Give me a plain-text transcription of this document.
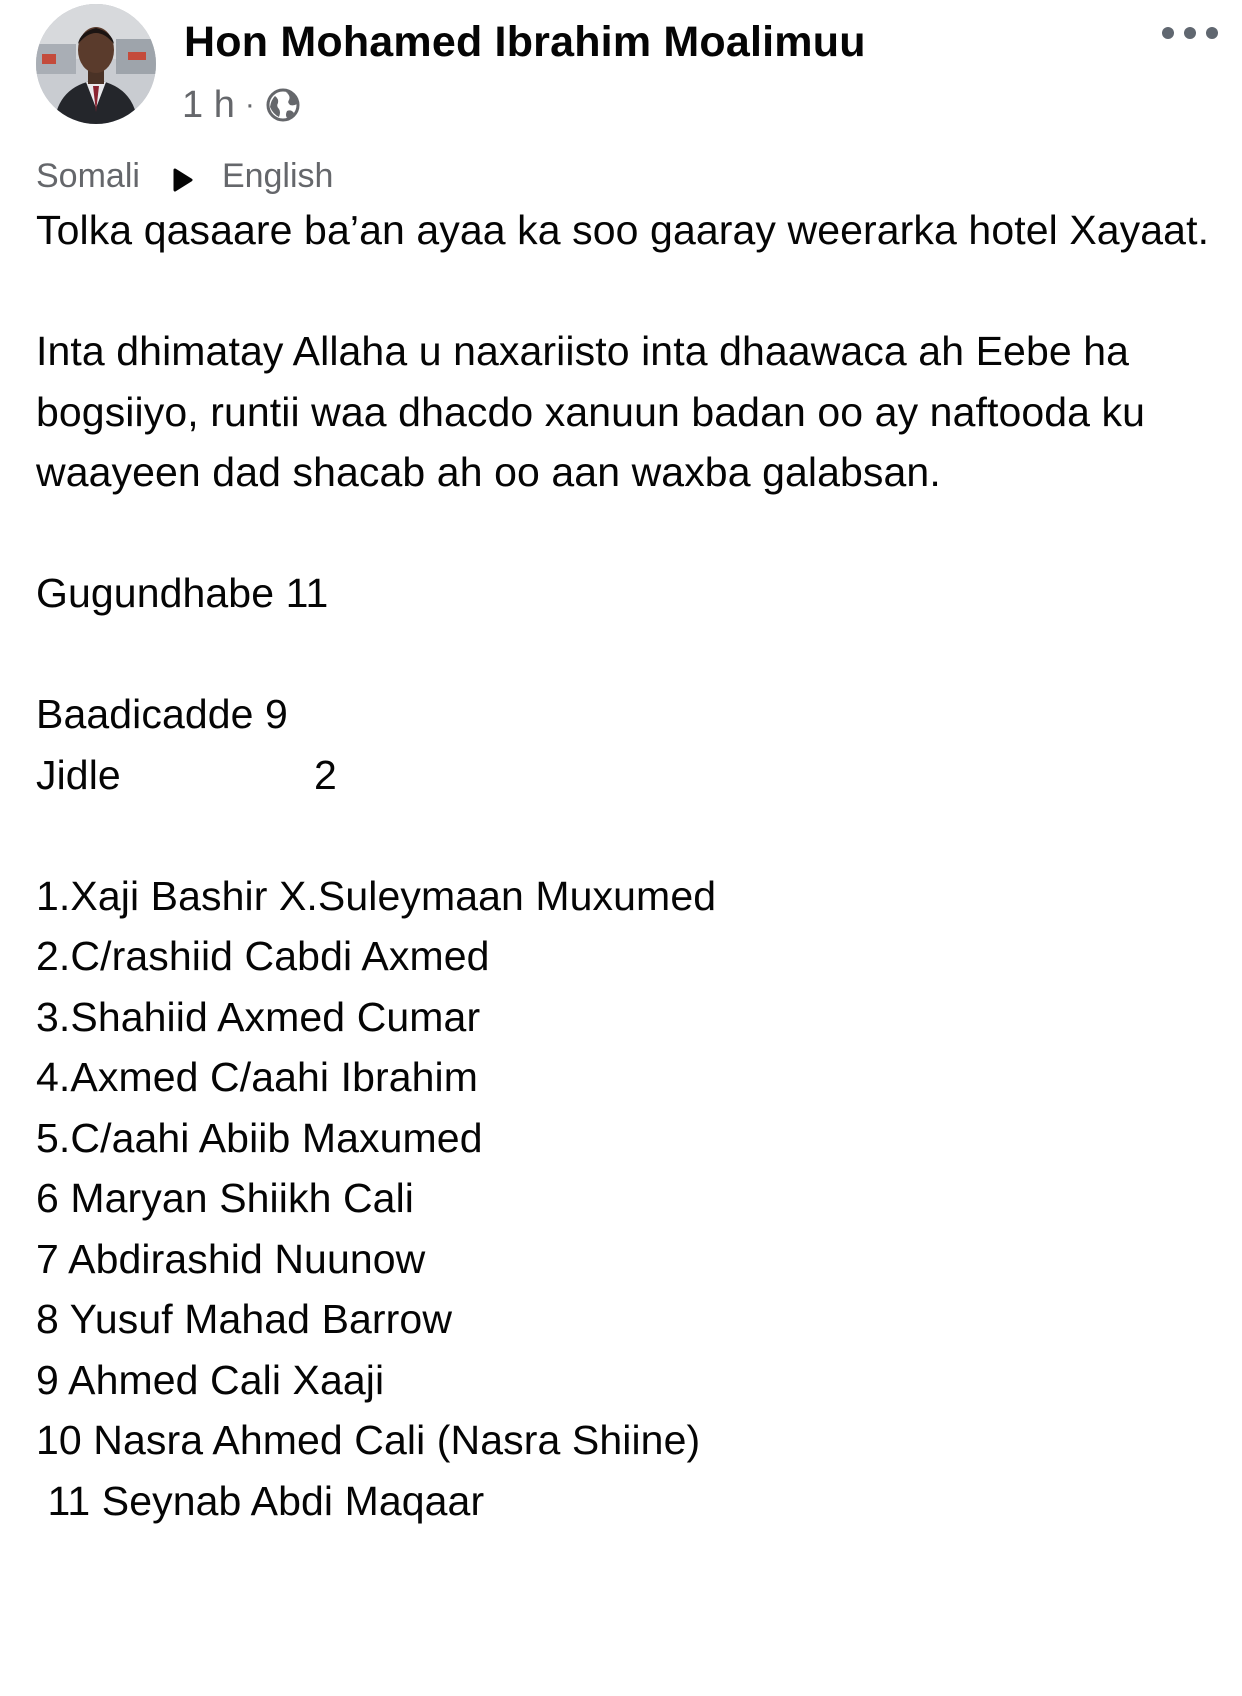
Hon Mohamed Ibrahim Moalimuu
1 h ·
Somali English

Tolka qasaare ba’an ayaa ka soo gaaray weerarka hotel Xayaat.

Inta dhimatay Allaha u naxariisto inta dhaawaca ah Eebe ha bogsiiyo, runtii waa dhacdo xanuun badan oo ay naftooda ku waayeen dad shacab ah oo aan waxba galabsan.

Gugundhabe 11

Baadicadde 9

Jidle	2

1.Xaji Bashir X.Suleymaan Muxumed

2.C/rashiid Cabdi Axmed

3.Shahiid Axmed Cumar

4.Axmed C/aahi Ibrahim

5.C/aahi Abiib Maxumed

6 Maryan Shiikh Cali

7 Abdirashid Nuunow

8 Yusuf Mahad Barrow

9 Ahmed Cali Xaaji

10 Nasra Ahmed Cali (Nasra Shiine)

11 Seynab Abdi Maqaar
